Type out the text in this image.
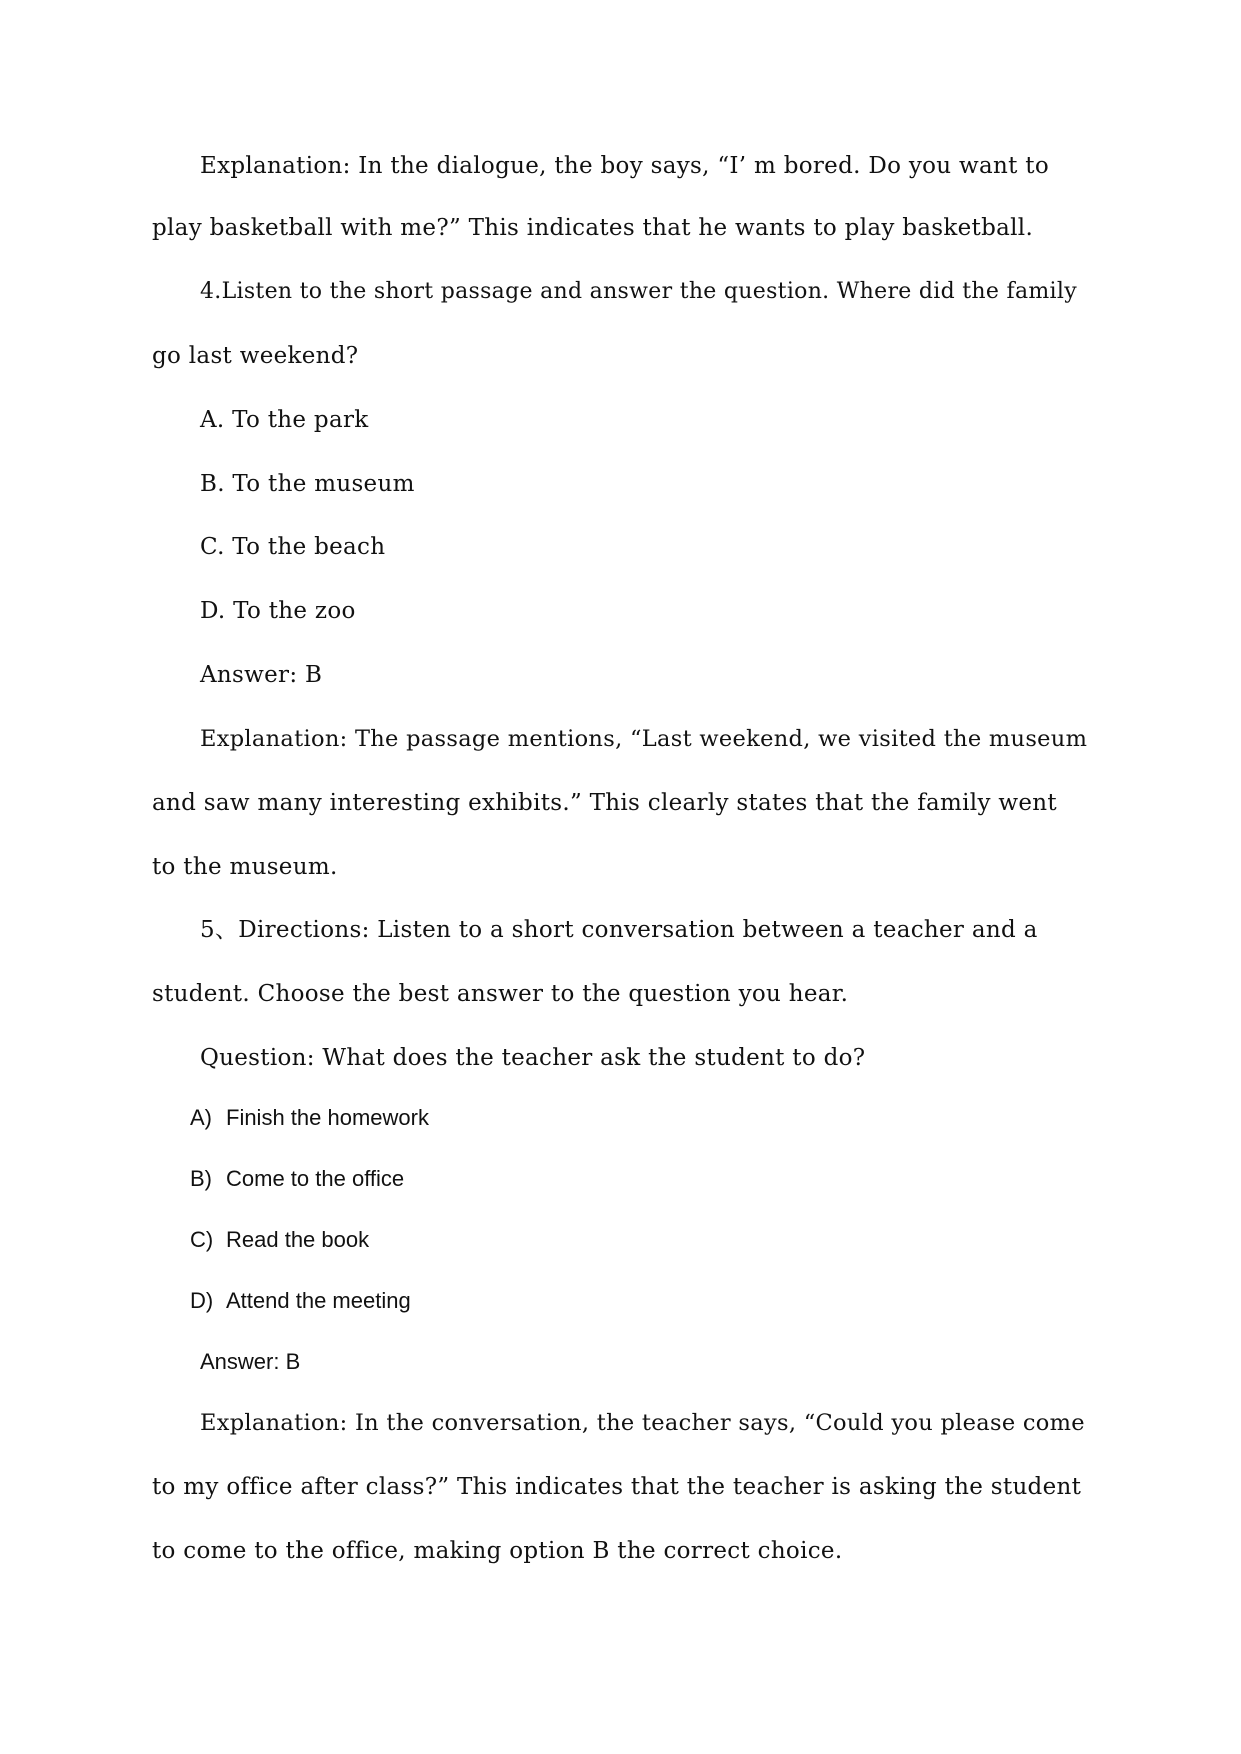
Explanation: In the dialogue, the boy says, “I’ m bored. Do you want to
play basketball with me?” This indicates that he wants to play basketball.
4.Listen to the short passage and answer the question. Where did the family
go last weekend?
A. To the park
B. To the museum
C. To the beach
D. To the zoo
Answer: B
Explanation: The passage mentions, “Last weekend, we visited the museum
and saw many interesting exhibits.” This clearly states that the family went
to the museum.
5、Directions: Listen to a short conversation between a teacher and a
student. Choose the best answer to the question you hear.
Question: What does the teacher ask the student to do?
A) Finish the homework
B) Come to the office
C) Read the book
D) Attend the meeting
Answer: B
Explanation: In the conversation, the teacher says, “Could you please come
to my office after class?” This indicates that the teacher is asking the student
to come to the office, making option B the correct choice.
